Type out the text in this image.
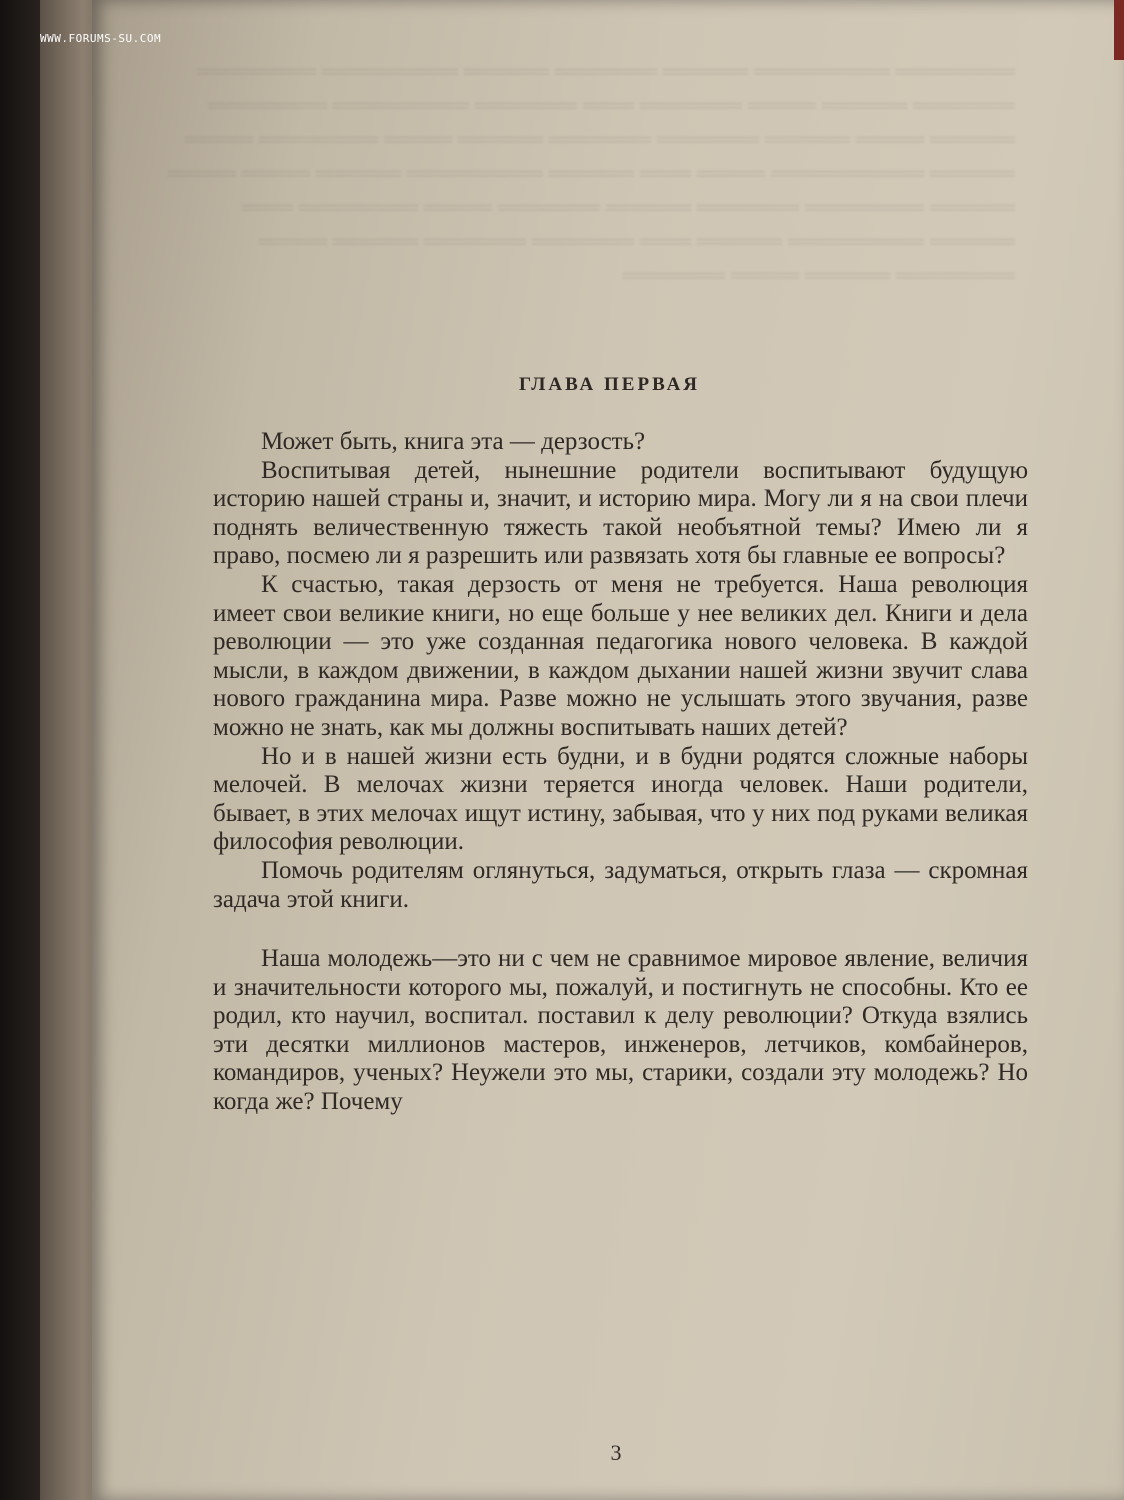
═══════ ════════ ═════ ══════ ═════ ════════ ═══════ ══════ ═════ ════ ══════ ═══ ══════ ════════ ═══════ ═════ ════ ═════ ══════ ══════ ═════ ════ ═══════ ════ ═════ ═════════ ════ ═══ ═════ ════════ ═════ ════ ════ ═════ ═══════ ══════ ═════ ══════ ════ ═══════ ═══ ═════ ════════ ═════ ═══ ══════ ══════ ═════ ════ ═══════ ═════ ════ ══════
WWW.FORUMS-SU.COM
ГЛАВА ПЕРВАЯ

Может быть, книга эта — дерзость?

Воспитывая детей, нынешние родители воспитывают будущую историю нашей страны и, значит, и историю мира. Могу ли я на свои плечи поднять величественную тяжесть такой необъятной темы? Имею ли я право, посмею ли я разрешить или развязать хотя бы главные ее вопросы?

К счастью, такая дерзость от меня не требуется. Наша революция имеет свои великие книги, но еще больше у нее великих дел. Книги и дела революции — это уже созданная педагогика нового человека. В каждой мысли, в каждом движении, в каждом дыхании нашей жизни звучит слава нового гражданина мира. Разве можно не услышать этого звучания, разве можно не знать, как мы должны воспитывать наших детей?

Но и в нашей жизни есть будни, и в будни родятся сложные наборы мелочей. В мелочах жизни теряется иногда человек. Наши родители, бывает, в этих мелочах ищут истину, забывая, что у них под руками великая философия революции.

Помочь родителям оглянуться, задуматься, открыть глаза — скромная задача этой книги.

Наша молодежь—это ни с чем не сравнимое мировое явление, величия и значительности которого мы, пожалуй, и постигнуть не способны. Кто ее родил, кто научил, воспитал. поставил к делу революции? Откуда взялись эти десятки миллионов мастеров, инженеров, летчиков, комбайнеров, командиров, ученых? Неужели это мы, старики, создали эту молодежь? Но когда же? Почему

3
